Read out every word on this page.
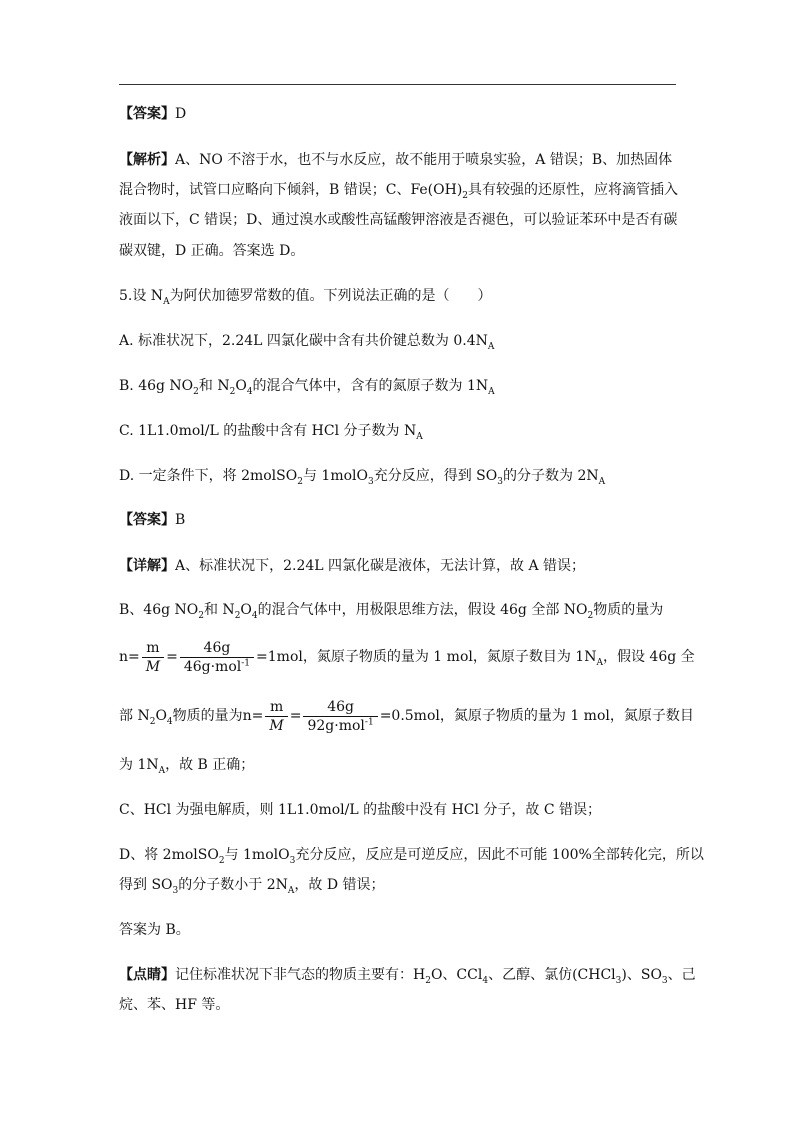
【答案】D
【解析】A、NO 不溶于水，也不与水反应，故不能用于喷泉实验，A 错误；B、加热固体
混合物时，试管口应略向下倾斜，B 错误；C、$Fe(OH)_2$具有较强的还原性，应将滴管插入
液面以下，C 错误；D、通过溴水或酸性高锰酸钾溶液是否褪色，可以验证苯环中是否有碳
碳双键，D 正确。答案选 D。
5.设 $N_A$为阿伏加德罗常数的值。下列说法正确的是（　　）
A. 标准状况下，2.24L 四氯化碳中含有共价键总数为 $0.4N_A$
B. 46g $NO_2$和 $N_2O_4$的混合气体中，含有的氮原子数为 $1N_A$
C. 1L1.0mol/L 的盐酸中含有 HCl 分子数为 $N_A$
D. 一定条件下，将 2molSO$_2$与 1molO$_3$充分反应，得到 $SO_3$的分子数为 $2N_A$
【答案】B
【详解】A、标准状况下，2.24L 四氯化碳是液体，无法计算，故 A 错误；
B、46g $NO_2$和 $N_2O_4$的混合气体中，用极限思维方法，假设 46g 全部 $NO_2$物质的量为
$n= \frac{m}{M} = \frac{46g}{46g\cdot mol^{-1}} =1mol$，氮原子物质的量为 1 mol，氮原子数目为 $1N_A$，假设 46g 全
部 $N_2O_4$物质的量为$n= \frac{m}{M} = \frac{46g}{92g\cdot mol^{-1}} =0.5mol$，氮原子物质的量为 1 mol，氮原子数目
为 $1N_A$，故 B 正确；
C、HCl 为强电解质，则 1L1.0mol/L 的盐酸中没有 HCl 分子，故 C 错误；
D、将 2molSO$_2$与 1molO$_3$充分反应，反应是可逆反应，因此不可能 100%全部转化完，所以
得到 $SO_3$的分子数小于 $2N_A$，故 D 错误；
答案为 B。
【点睛】记住标准状况下非气态的物质主要有：$H_2O$、CCl$_4$、乙醇、氯仿(CHCl$_3$)、$SO_3$、己
烷、苯、HF 等。
